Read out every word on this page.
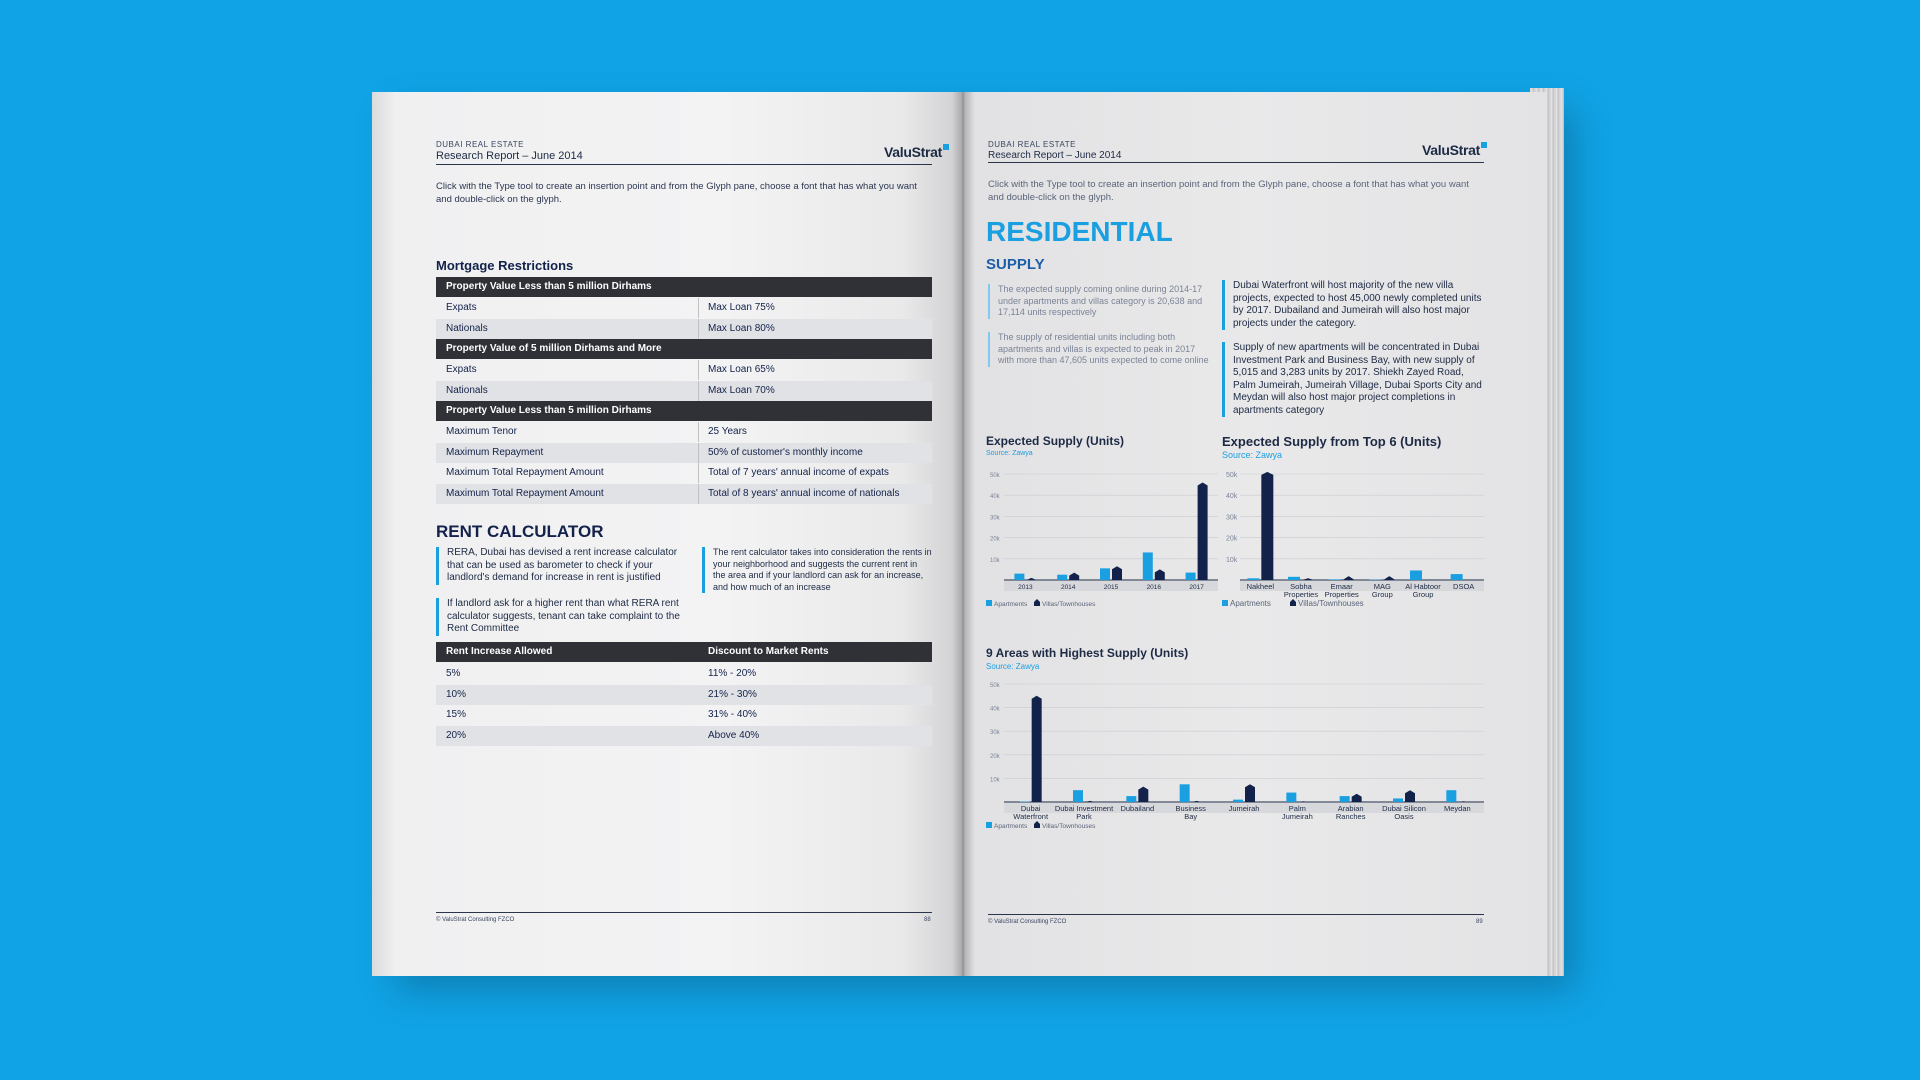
DUBAI REAL ESTATE
Research Report – June 2014	ValuStrat
Click with the Type tool to create an insertion point and from the Glyph pane, choose a font that has what you want and double-click on the glyph.
Mortgage Restrictions
Property Value Less than 5 million Dirhams
Expats	Max Loan 75%
Nationals	Max Loan 80%
Property Value of 5 million Dirhams and More
Expats	Max Loan 65%
Nationals	Max Loan 70%
Property Value Less than 5 million Dirhams
Maximum Tenor	25 Years
Maximum Repayment	50% of customer's monthly income
Maximum Total Repayment Amount	Total of 7 years' annual income of expats
Maximum Total Repayment Amount	Total of 8 years' annual income of nationals
RENT CALCULATOR
RERA, Dubai has devised a rent increase calculator that can be used as barometer to check if your landlord's demand for increase in rent is justified
If landlord ask for a higher rent than what RERA rent calculator suggests, tenant can take complaint to the Rent Committee
The rent calculator takes into consideration the rents in your neighborhood and suggests the current rent in the area and if your landlord can ask for an increase, and how much of an increase
Rent Increase Allowed	Discount to Market Rents
5%	11% - 20%
10%	21% - 30%
15%	31% - 40%
20%	Above 40%
© ValuStrat Consulting FZCO	88
DUBAI REAL ESTATE
Research Report – June 2014	ValuStrat
Click with the Type tool to create an insertion point and from the Glyph pane, choose a font that has what you want and double-click on the glyph.
RESIDENTIAL
SUPPLY
The expected supply coming online during 2014-17 under apartments and villas category is 20,638 and 17,114 units respectively
The supply of residential units including both apartments and villas is expected to peak in 2017 with more than 47,605 units expected to come online
Dubai Waterfront will host majority of the new villa projects, expected to host 45,000 newly completed units by 2017. Dubailand and Jumeirah will also host major projects under the category.
Supply of new apartments will be concentrated in Dubai Investment Park and Business Bay, with new supply of 5,015 and 3,283 units by 2017. Shiekh Zayed Road, Palm Jumeirah, Jumeirah Village, Dubai Sports City and Meydan will also host major project completions in apartments category
Expected Supply (Units)
Source: Zawya
10k
20k
30k
40k
50k
2013	2014	2015	2016	2017
Apartments Villas/Townhouses
Expected Supply from Top 6 (Units)
Source: Zawya
10k
20k
30k
40k
50k
Nakheel Sobha
Properties
Emaar
Properties
MAG
Group
Al Habtoor
Group
DSOA
Apartments	Villas/Townhouses
9 Areas with Highest Supply (Units)
Source: Zawya
10k
20k
30k
40k
50k
Dubai
Waterfront
Dubai Investment
Park
Dubailand	Business
Bay
Jumeirah	Palm
Jumeirah
Arabian
Ranches
Dubai Silicon
Oasis
Meydan
Apartments Villas/Townhouses
© ValuStrat Consulting FZCO	89
